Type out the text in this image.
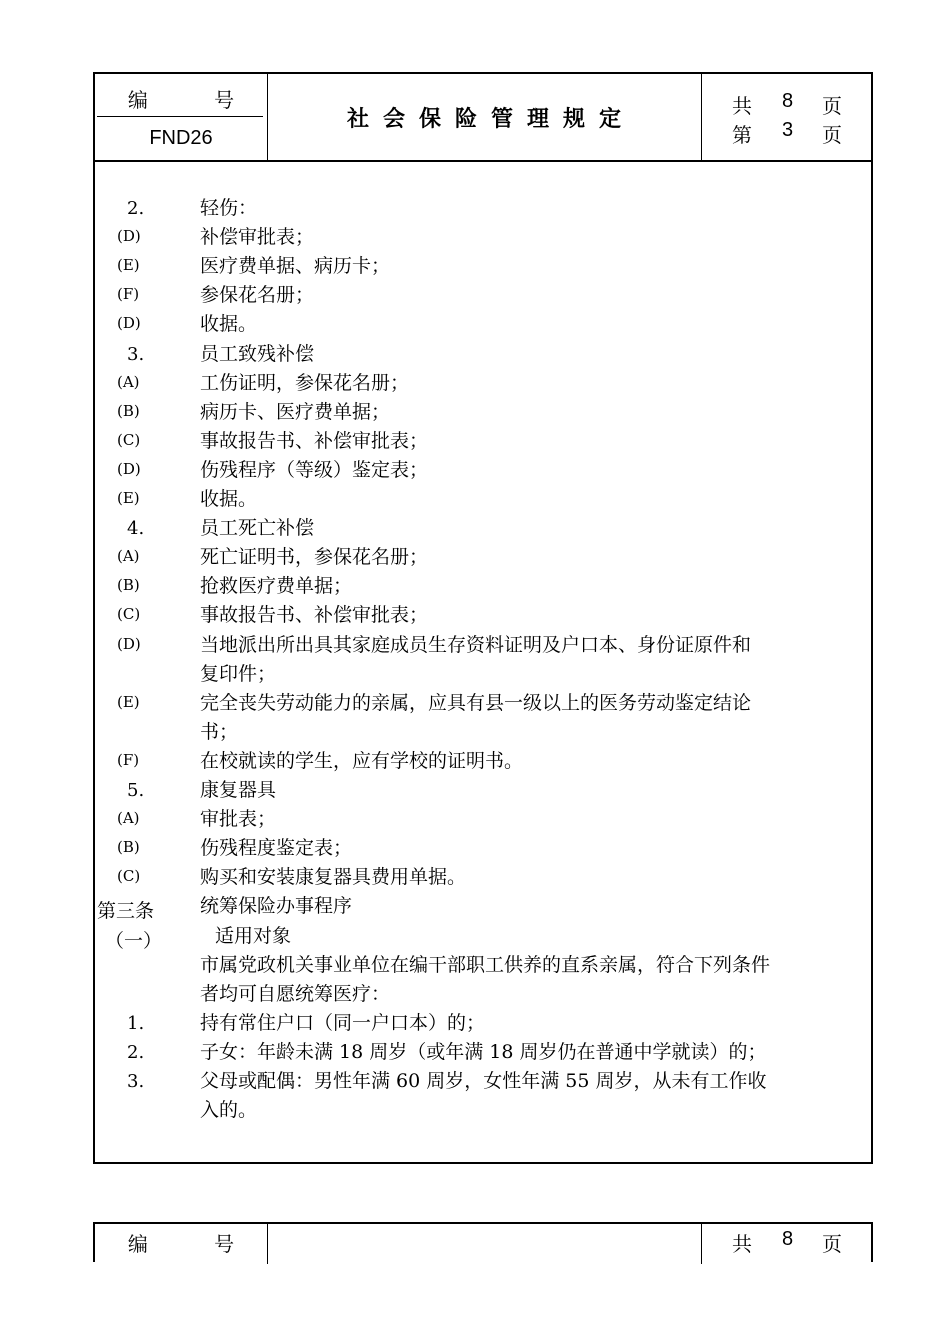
编 号
FND26
社会保险管理规定	共 8 页
第 3 页
2.	轻伤：
(D)	补偿审批表；
(E)	医疗费单据、病历卡；
(F)	参保花名册；
(D)	收据。
3.	员工致残补偿
(A)	工伤证明，参保花名册；
(B)	病历卡、医疗费单据；
(C)	事故报告书、补偿审批表；
(D)	伤残程序（等级）鉴定表；
(E)	收据。
4.	员工死亡补偿
(A)	死亡证明书，参保花名册；
(B)	抢救医疗费单据；
(C)	事故报告书、补偿审批表；
(D)	当地派出所出具其家庭成员生存资料证明及户口本、身份证原件和
复印件；
(E)	完全丧失劳动能力的亲属，应具有县一级以上的医务劳动鉴定结论
书；
(F)	在校就读的学生，应有学校的证明书。
5.	康复器具
(A)	审批表；
(B)	伤残程度鉴定表；
(C)	购买和安装康复器具费用单据。
第三条 统筹保险办事程序
（一）	适用对象
市属党政机关事业单位在编干部职工供养的直系亲属，符合下列条件
者均可自愿统筹医疗：
1.	持有常住户口（同一户口本）的；
2.	子女：年龄未满 18 周岁（或年满 18 周岁仍在普通中学就读）的；
3.	父母或配偶：男性年满 60 周岁，女性年满 55 周岁，从未有工作收
入的。
编 号	共 8 页
